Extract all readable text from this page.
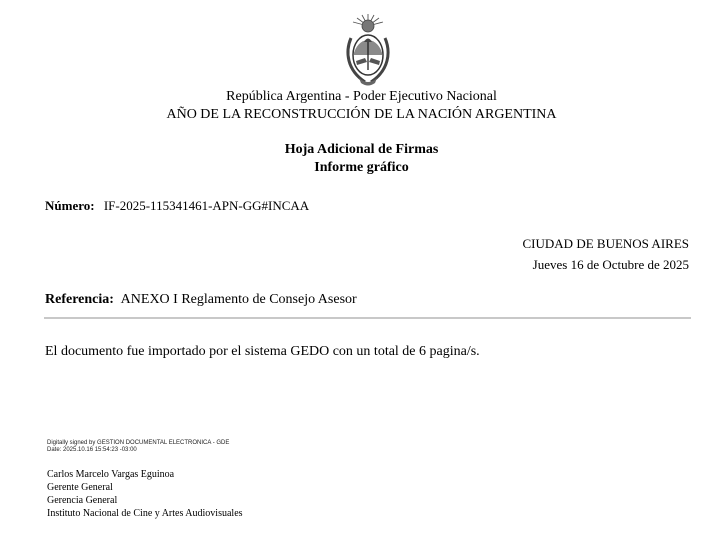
República Argentina - Poder Ejecutivo Nacional
AÑO DE LA RECONSTRUCCIÓN DE LA NACIÓN ARGENTINA
Hoja Adicional de Firmas
Informe gráfico
Número: IF-2025-115341461-APN-GG#INCAA
CIUDAD DE BUENOS AIRES
Jueves 16 de Octubre de 2025
Referencia: ANEXO I Reglamento de Consejo Asesor
El documento fue importado por el sistema GEDO con un total de 6 pagina/s.
Digitally signed by GESTION DOCUMENTAL ELECTRONICA - GDE
Date: 2025.10.16 15:54:23 -03:00
Carlos Marcelo Vargas Eguinoa
Gerente General
Gerencia General
Instituto Nacional de Cine y Artes Audiovisuales
